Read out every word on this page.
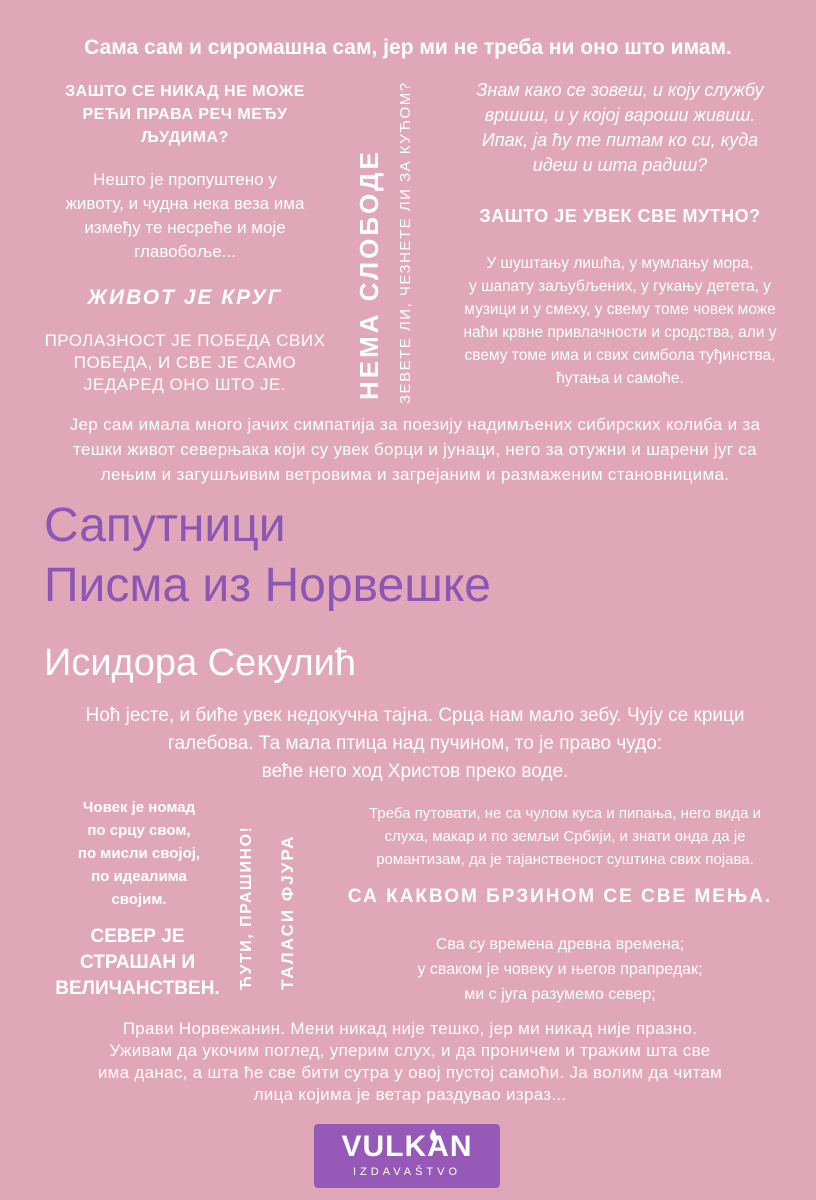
Сама сам и сиромашна сам, јер ми не треба ни оно што имам.
ЗАШТО СЕ НИКАД НЕ МОЖЕ
РЕЋИ ПРАВА РЕЧ МЕЂУ
ЉУДИМА?
Нешто је пропуштено у
животу, и чудна нека веза има
између те несреће и моје
главобоље...
ЖИВОТ ЈЕ КРУГ
ПРОЛАЗНОСТ ЈЕ ПОБЕДА СВИХ
ПОБЕДА, И СВЕ ЈЕ САМО
ЈЕДАРЕД ОНО ШТО ЈЕ.	НЕМА СЛОБОДЕ ЗЕВЕТЕ ЛИ, ЧЕЗНЕТЕ ЛИ ЗА КУЋОМ?	Знам како се зовеш, и коју службу
вршиш, и у којој вароши живиш.
Ипак, ја ћу те питам ко си, куда
идеш и шта радиш?
ЗАШТО ЈЕ УВЕК СВЕ МУТНО?
У шуштању лишћа, у мумлању мора,
у шапату заљубљених, у гукању детета, у
музици и у смеху, у свему томе човек може
наћи крвне привлачности и сродства, али у
свему томе има и свих симбола туђинства,
ћутања и самоће.
Јер сам имала много јачих симпатија за поезију надимљених сибирских колиба и за
тешки живот северњака који су увек борци и јунаци, него за отужни и шарени југ са
лењим и загушљивим ветровима и загрејаним и размаженим становницима.
Сапутници
Писма из Норвешке
Исидора Секулић
Ноћ јесте, и биће увек недокучна тајна. Срца нам мало зебу. Чују се крици
галебова. Та мала птица над пучином, то је право чудо:
веће него ход Христов преко воде.
Човек је номад
по срцу свом,
по мисли својој,
по идеалима
својим.
СЕВЕР ЈЕ
СТРАШАН И
ВЕЛИЧАНСТВЕН.	ЋУТИ, ПРАШИНО! ТАЛАСИ ФЈУРА
Треба путовати, не са чулом куса и пипања, него вида и
слуха, макар и по земљи Србији, и знати онда да је
романтизам, да је тајанственост суштина свих појава.
СА КАКВОМ БРЗИНОМ СЕ СВЕ МЕЊА.
Сва су времена древна времена;
у сваком је човеку и његов прапредак;
ми с југа разумемо север;
Прави Норвежанин. Мени никад није тешко, јер ми никад није празно.
Уживам да укочим поглед, уперим слух, и да проничем и тражим шта све
има данас, а шта ће све бити сутра у овој пустој самоћи. Ја волим да читам
лица којима је ветар раздувао израз...
VULKAN
IZDAVAŠTVO
